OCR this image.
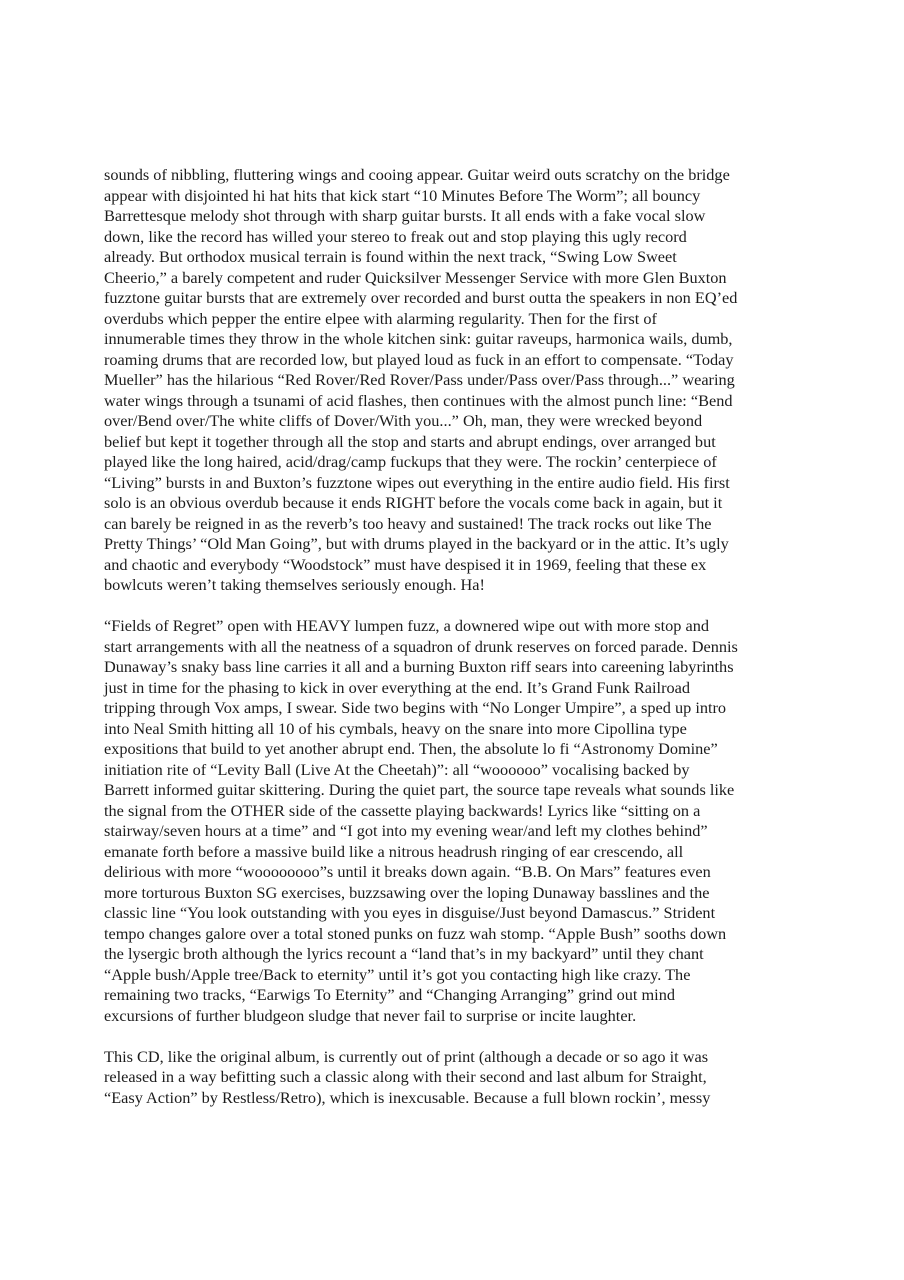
sounds of nibbling, fluttering wings and cooing appear. Guitar weird outs scratchy on the bridge
appear with disjointed hi hat hits that kick start “10 Minutes Before The Worm”; all bouncy
Barrettesque melody shot through with sharp guitar bursts. It all ends with a fake vocal slow
down, like the record has willed your stereo to freak out and stop playing this ugly record
already. But orthodox musical terrain is found within the next track, “Swing Low Sweet
Cheerio,” a barely competent and ruder Quicksilver Messenger Service with more Glen Buxton
fuzztone guitar bursts that are extremely over recorded and burst outta the speakers in non EQ’ed
overdubs which pepper the entire elpee with alarming regularity. Then for the first of
innumerable times they throw in the whole kitchen sink: guitar raveups, harmonica wails, dumb,
roaming drums that are recorded low, but played loud as fuck in an effort to compensate. “Today
Mueller” has the hilarious “Red Rover/Red Rover/Pass under/Pass over/Pass through...” wearing
water wings through a tsunami of acid flashes, then continues with the almost punch line: “Bend
over/Bend over/The white cliffs of Dover/With you...” Oh, man, they were wrecked beyond
belief but kept it together through all the stop and starts and abrupt endings, over arranged but
played like the long haired, acid/drag/camp fuckups that they were. The rockin’ centerpiece of
“Living” bursts in and Buxton’s fuzztone wipes out everything in the entire audio field. His first
solo is an obvious overdub because it ends RIGHT before the vocals come back in again, but it
can barely be reigned in as the reverb’s too heavy and sustained! The track rocks out like The
Pretty Things’ “Old Man Going”, but with drums played in the backyard or in the attic. It’s ugly
and chaotic and everybody “Woodstock” must have despised it in 1969, feeling that these ex
bowlcuts weren’t taking themselves seriously enough. Ha!

“Fields of Regret” open with HEAVY lumpen fuzz, a downered wipe out with more stop and
start arrangements with all the neatness of a squadron of drunk reserves on forced parade. Dennis
Dunaway’s snaky bass line carries it all and a burning Buxton riff sears into careening labyrinths
just in time for the phasing to kick in over everything at the end. It’s Grand Funk Railroad
tripping through Vox amps, I swear. Side two begins with “No Longer Umpire”, a sped up intro
into Neal Smith hitting all 10 of his cymbals, heavy on the snare into more Cipollina type
expositions that build to yet another abrupt end. Then, the absolute lo fi “Astronomy Domine”
initiation rite of “Levity Ball (Live At the Cheetah)”: all “woooooo” vocalising backed by
Barrett informed guitar skittering. During the quiet part, the source tape reveals what sounds like
the signal from the OTHER side of the cassette playing backwards! Lyrics like “sitting on a
stairway/seven hours at a time” and “I got into my evening wear/and left my clothes behind”
emanate forth before a massive build like a nitrous headrush ringing of ear crescendo, all
delirious with more “woooooooo”s until it breaks down again. “B.B. On Mars” features even
more torturous Buxton SG exercises, buzzsawing over the loping Dunaway basslines and the
classic line “You look outstanding with you eyes in disguise/Just beyond Damascus.” Strident
tempo changes galore over a total stoned punks on fuzz wah stomp. “Apple Bush” sooths down
the lysergic broth although the lyrics recount a “land that’s in my backyard” until they chant
“Apple bush/Apple tree/Back to eternity” until it’s got you contacting high like crazy. The
remaining two tracks, “Earwigs To Eternity” and “Changing Arranging” grind out mind
excursions of further bludgeon sludge that never fail to surprise or incite laughter.

This CD, like the original album, is currently out of print (although a decade or so ago it was
released in a way befitting such a classic along with their second and last album for Straight,
“Easy Action” by Restless/Retro), which is inexcusable. Because a full blown rockin’, messy
